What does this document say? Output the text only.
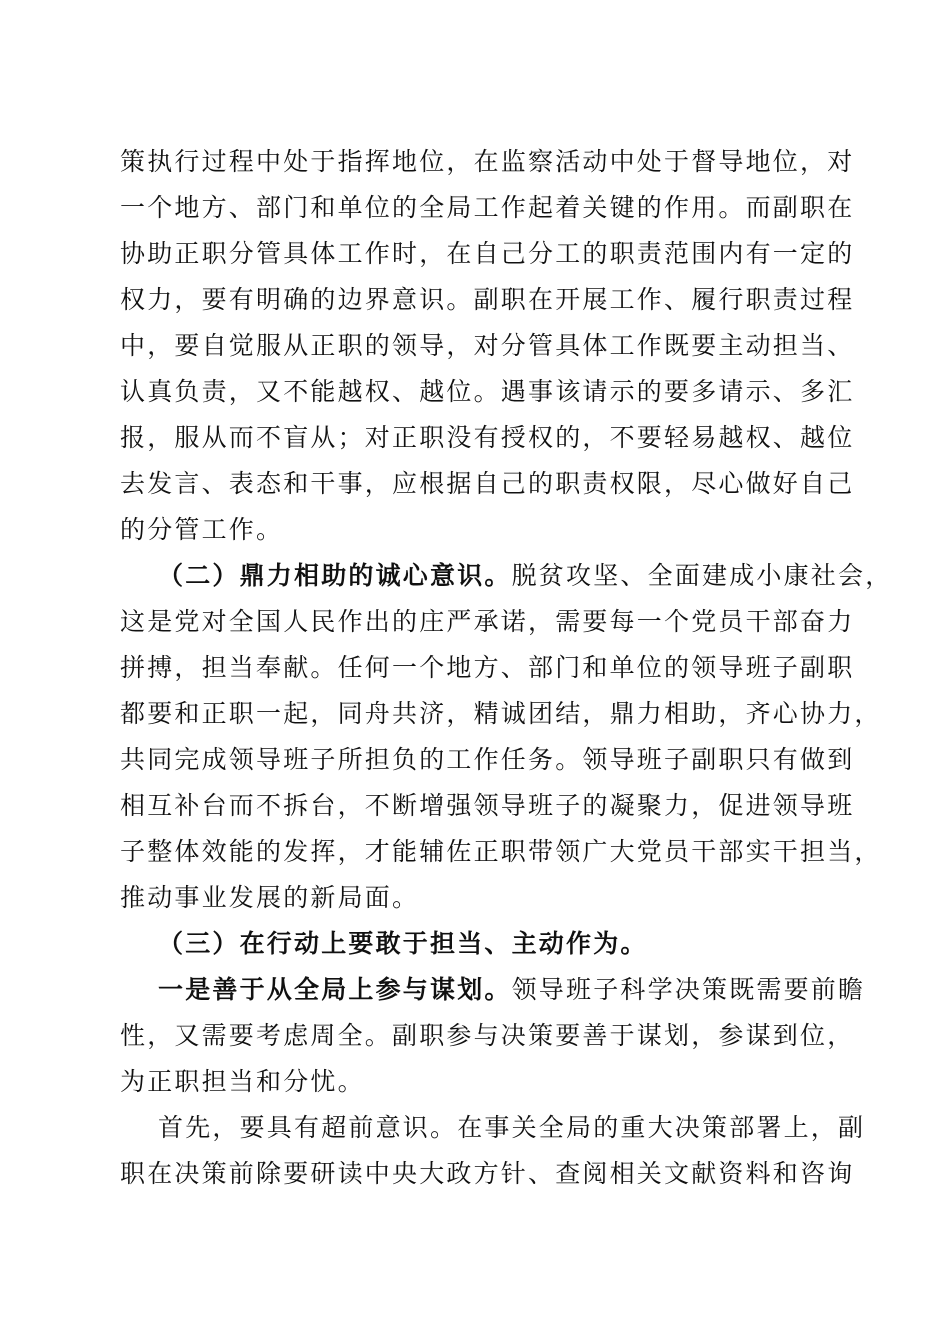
策执行过程中处于指挥地位，在监察活动中处于督导地位，对
一个地方、部门和单位的全局工作起着关键的作用。而副职在
协助正职分管具体工作时，在自己分工的职责范围内有一定的
权力，要有明确的边界意识。副职在开展工作、履行职责过程
中，要自觉服从正职的领导，对分管具体工作既要主动担当、
认真负责，又不能越权、越位。遇事该请示的要多请示、多汇
报，服从而不盲从；对正职没有授权的，不要轻易越权、越位
去发言、表态和干事，应根据自己的职责权限，尽心做好自己
的分管工作。
（二）鼎力相助的诚心意识。脱贫攻坚、全面建成小康社会，
这是党对全国人民作出的庄严承诺，需要每一个党员干部奋力
拼搏，担当奉献。任何一个地方、部门和单位的领导班子副职
都要和正职一起，同舟共济，精诚团结，鼎力相助，齐心协力，
共同完成领导班子所担负的工作任务。领导班子副职只有做到
相互补台而不拆台，不断增强领导班子的凝聚力，促进领导班
子整体效能的发挥，才能辅佐正职带领广大党员干部实干担当，
推动事业发展的新局面。
（三）在行动上要敢于担当、主动作为。
一是善于从全局上参与谋划。领导班子科学决策既需要前瞻
性，又需要考虑周全。副职参与决策要善于谋划，参谋到位，
为正职担当和分忧。
首先，要具有超前意识。在事关全局的重大决策部署上，副
职在决策前除要研读中央大政方针、查阅相关文献资料和咨询
